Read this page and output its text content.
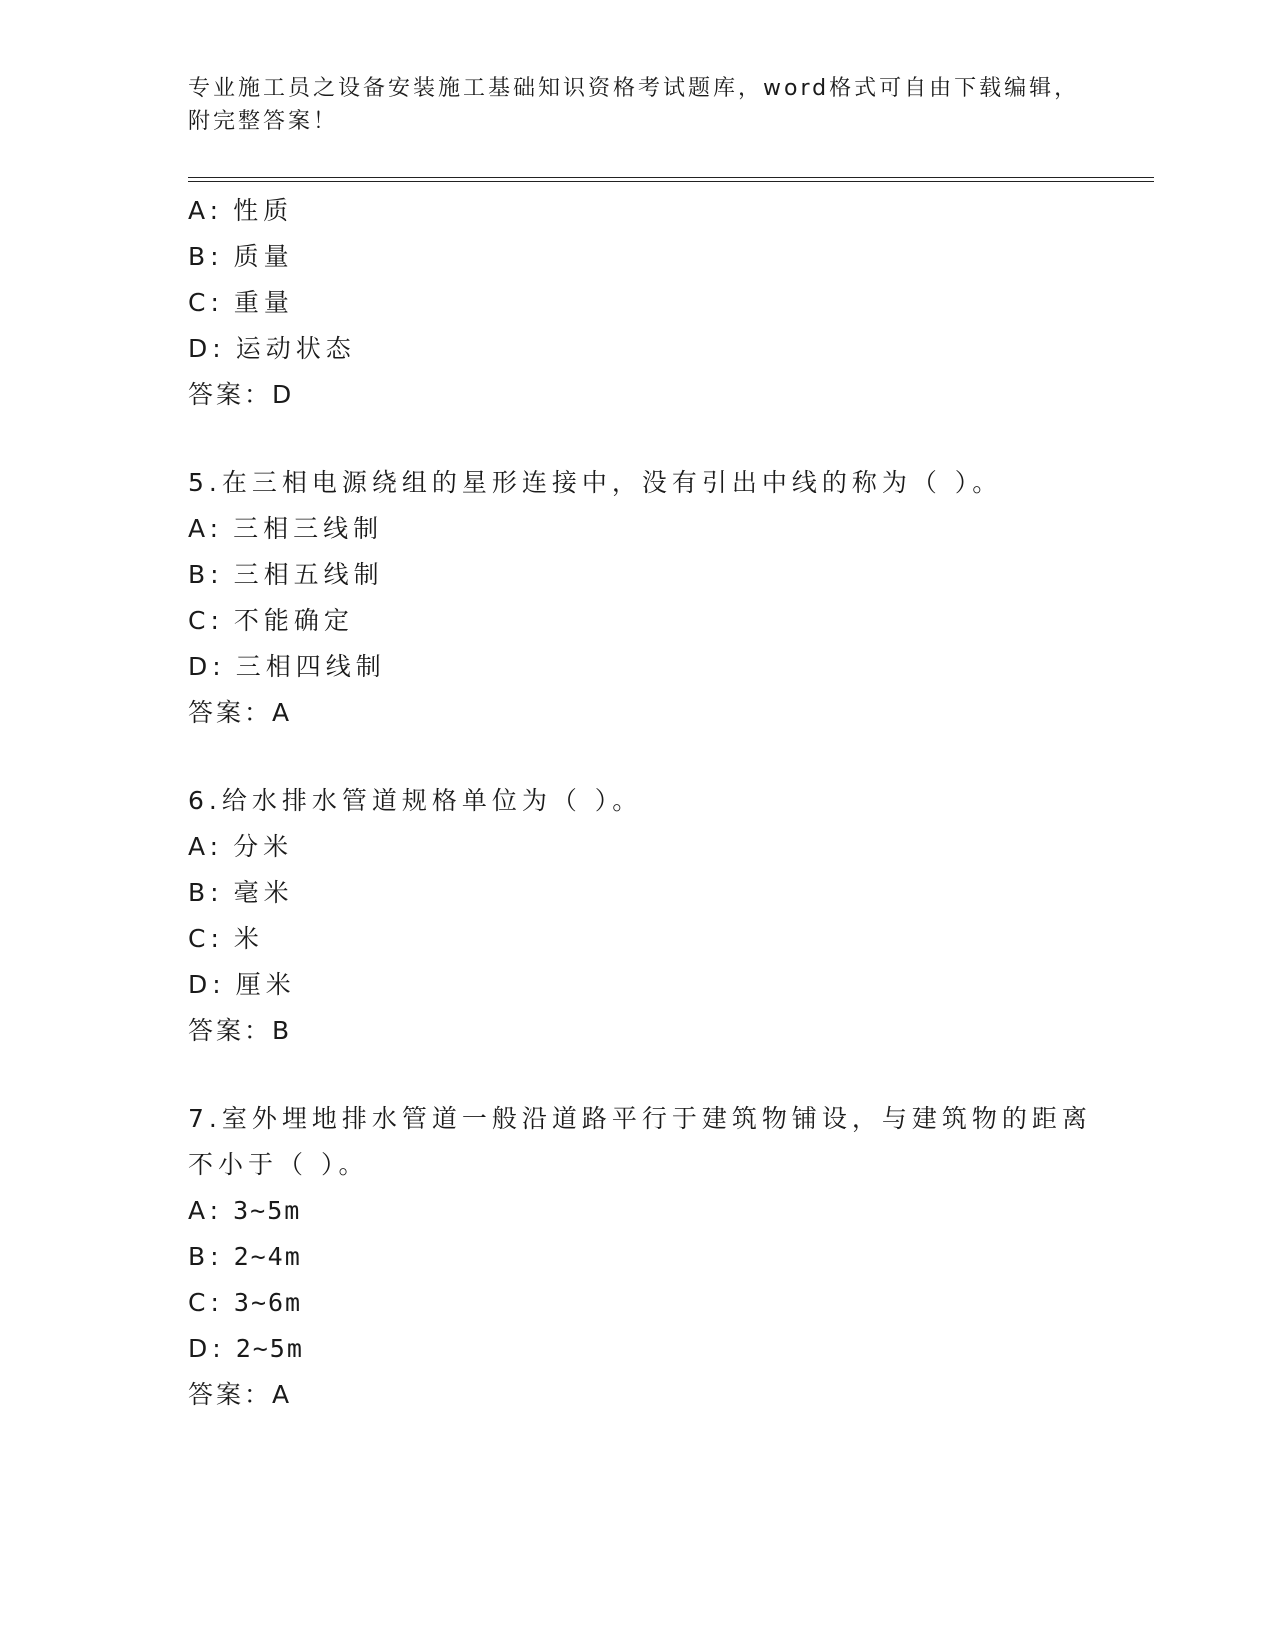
专业施工员之设备安装施工基础知识资格考试题库，word格式可自由下载编辑，
附完整答案！
A: 性质
B: 质量
C: 重量
D: 运动状态
答案：D
5.在三相电源绕组的星形连接中，没有引出中线的称为（ ）。
A: 三相三线制
B: 三相五线制
C: 不能确定
D: 三相四线制
答案：A
6.给水排水管道规格单位为（ ）。
A: 分米
B: 毫米
C: 米
D: 厘米
答案：B
7.室外埋地排水管道一般沿道路平行于建筑物铺设，与建筑物的距离
不小于（ ）。
A: 3~5m
B: 2~4m
C: 3~6m
D: 2~5m
答案：A
